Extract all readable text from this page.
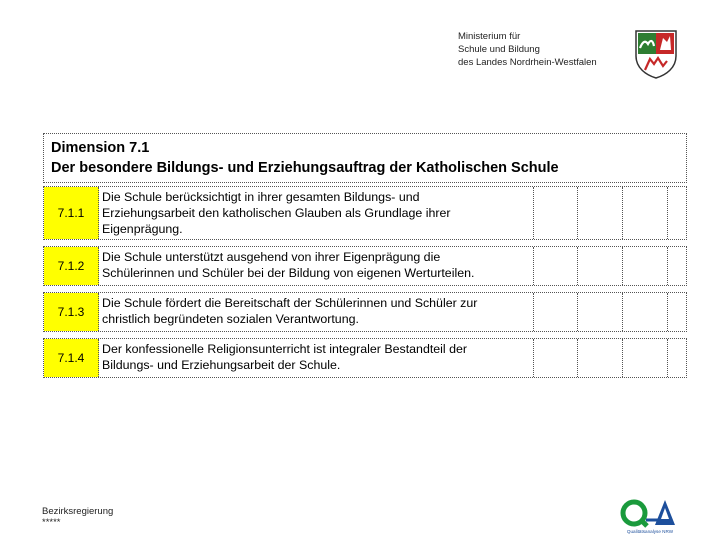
Ministerium für
Schule und Bildung
des Landes Nordrhein-Westfalen
Dimension 7.1
Der besondere Bildungs- und Erziehungsauftrag der Katholischen Schule
7.1.1
Die Schule berücksichtigt in ihrer gesamten Bildungs- und
Erziehungsarbeit den katholischen Glauben als Grundlage ihrer
Eigenprägung.
7.1.2
Die Schule unterstützt ausgehend von ihrer Eigenprägung die
Schülerinnen und Schüler bei der Bildung von eigenen Werturteilen.
7.1.3
Die Schule fördert die Bereitschaft der Schülerinnen und Schüler zur
christlich begründeten sozialen Verantwortung.
7.1.4
Der konfessionelle Religionsunterricht ist integraler Bestandteil der
Bildungs- und Erziehungsarbeit der Schule.
Bezirksregierung
*****
Qualitätsanalyse NRW
